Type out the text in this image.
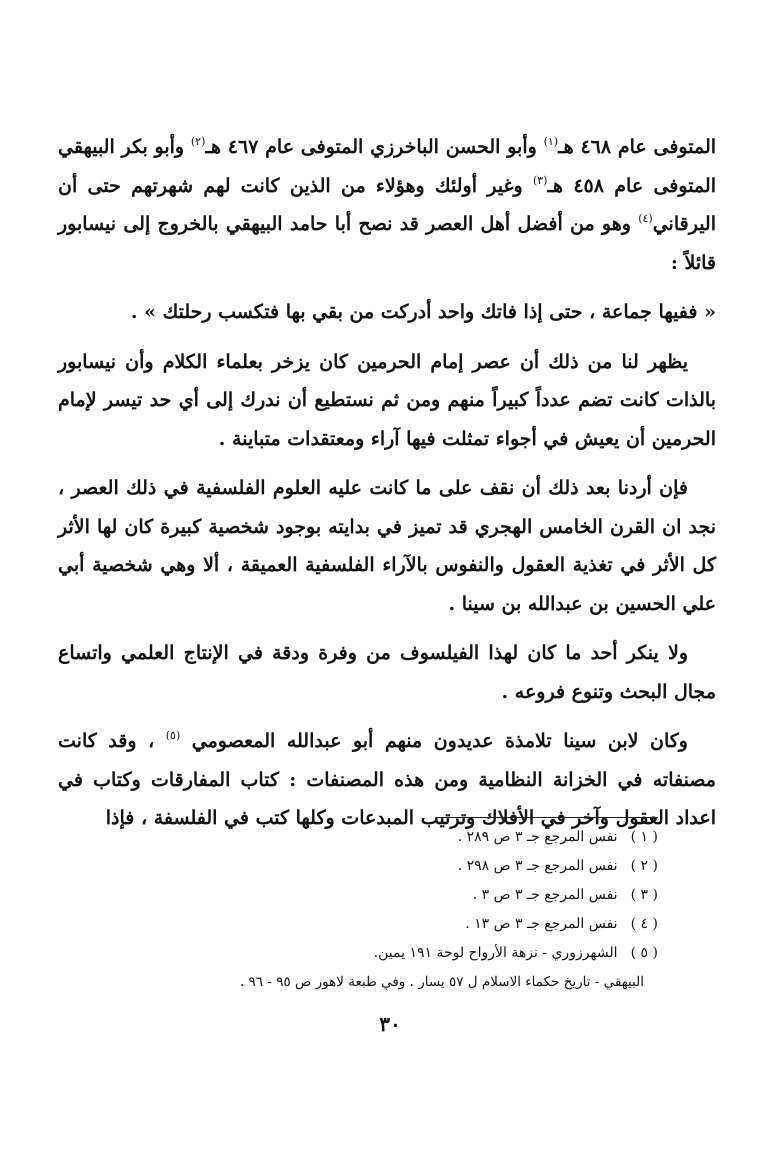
المتوفى عام ٤٦٨ هـ$^{(١)}$ وأبو الحسن الباخرزي المتوفى عام ٤٦٧ هـ$^{(٢)}$ وأبو بكر البيهقي المتوفى عام ٤٥٨ هـ$^{(٣)}$ وغير أولئك وهؤلاء من الذين كانت لهم شهرتهم حتى أن اليرقاني$^{(٤)}$ وهو من أفضل أهل العصر قد نصح أبا حامد البيهقي بالخروج إلى نيسابور قائلاً :

« ففيها جماعة ، حتى إذا فاتك واحد أدركت من بقي بها فتكسب رحلتك » .

يظهر لنا من ذلك أن عصر إمام الحرمين كان يزخر بعلماء الكلام وأن نيسابور بالذات كانت تضم عدداً كبيراً منهم ومن ثم نستطيع أن ندرك إلى أي حد تيسر لإمام الحرمين أن يعيش في أجواء تمثلت فيها آراء ومعتقدات متباينة .

فإن أردنا بعد ذلك أن نقف على ما كانت عليه العلوم الفلسفية في ذلك العصر ، نجد ان القرن الخامس الهجري قد تميز في بدايته بوجود شخصية كبيرة كان لها الأثر كل الأثر في تغذية العقول والنفوس بالآراء الفلسفية العميقة ، ألا وهي شخصية أبي علي الحسين بن عبدالله بن سينا .

ولا ينكر أحد ما كان لهذا الفيلسوف من وفرة ودقة في الإنتاج العلمي واتساع مجال البحث وتنوع فروعه .

وكان لابن سينا تلامذة عديدون منهم أبو عبدالله المعصومي $^{(٥)}$ ، وقد كانت مصنفاته في الخزانة النظامية ومن هذه المصنفات : كتاب المفارقات وكتاب في اعداد العقول وآخر في الأفلاك وترتيب المبدعات وكلها كتب في الفلسفة ، فإذا

( ١ ) نفس المرجع جـ ٣ ص ٢٨٩ .
( ٢ ) نفس المرجع جـ ٣ ص ٢٩٨ .
( ٣ ) نفس المرجع جـ ٣ ص ٣ .
( ٤ ) نفس المرجع جـ ٣ ص ١٣ .
( ٥ ) الشهرزوري - نزهة الأرواح لوحة ١٩١ يمين.
البيهقي - تاريخ حكماء الاسلام ل ٥٧ يسار . وفي طبعة لاهور ص ٩٥ - ٩٦ .
٣٠
